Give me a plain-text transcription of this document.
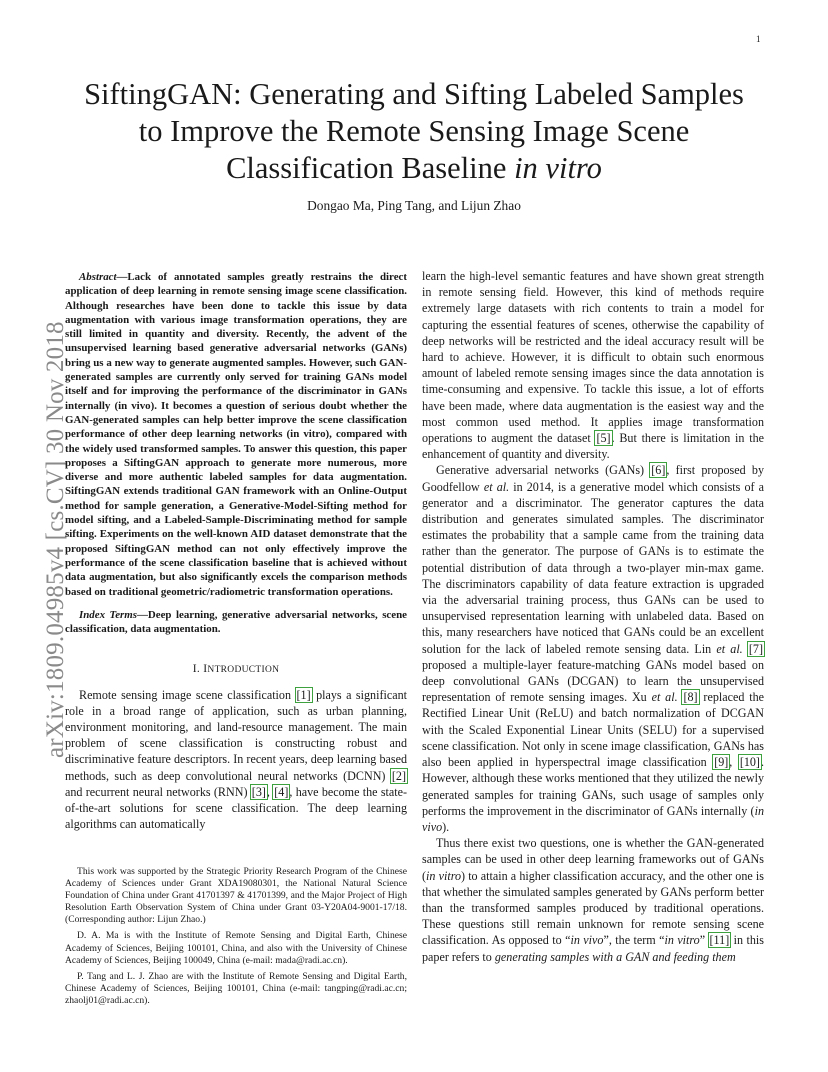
1
arXiv:1809.04985v4 [cs.CV] 30 Nov 2018
SiftingGAN: Generating and Sifting Labeled Samples to Improve the Remote Sensing Image Scene Classification Baseline in vitro
Dongao Ma, Ping Tang, and Lijun Zhao

Abstract—Lack of annotated samples greatly restrains the direct application of deep learning in remote sensing image scene classification. Although researches have been done to tackle this issue by data augmentation with various image transformation operations, they are still limited in quantity and diversity. Recently, the advent of the unsupervised learning based generative adversarial networks (GANs) bring us a new way to generate augmented samples. However, such GAN-generated samples are currently only served for training GANs model itself and for improving the performance of the discriminator in GANs internally (in vivo). It becomes a question of serious doubt whether the GAN-generated samples can help better improve the scene classification performance of other deep learning networks (in vitro), compared with the widely used transformed samples. To answer this question, this paper proposes a SiftingGAN approach to generate more numerous, more diverse and more authentic labeled samples for data augmentation. SiftingGAN extends traditional GAN framework with an Online-Output method for sample generation, a Generative-Model-Sifting method for model sifting, and a Labeled-Sample-Discriminating method for sample sifting. Experiments on the well-known AID dataset demonstrate that the proposed SiftingGAN method can not only effectively improve the performance of the scene classification baseline that is achieved without data augmentation, but also significantly excels the comparison methods based on traditional geometric/radiometric transformation operations.

Index Terms—Deep learning, generative adversarial networks, scene classification, data augmentation.

I. INTRODUCTION

Remote sensing image scene classification [1] plays a significant role in a broad range of application, such as urban planning, environment monitoring, and land-resource management. The main problem of scene classification is constructing robust and discriminative feature descriptors. In recent years, deep learning based methods, such as deep convolutional neural networks (DCNN) [2] and recurrent neural networks (RNN) [3], [4], have become the state-of-the-art solutions for scene classification. The deep learning algorithms can automatically

This work was supported by the Strategic Priority Research Program of the Chinese Academy of Sciences under Grant XDA19080301, the National Natural Science Foundation of China under Grant 41701397 & 41701399, and the Major Project of High Resolution Earth Observation System of China under Grant 03-Y20A04-9001-17/18. (Corresponding author: Lijun Zhao.)

D. A. Ma is with the Institute of Remote Sensing and Digital Earth, Chinese Academy of Sciences, Beijing 100101, China, and also with the University of Chinese Academy of Sciences, Beijing 100049, China (e-mail: mada@radi.ac.cn).

P. Tang and L. J. Zhao are with the Institute of Remote Sensing and Digital Earth, Chinese Academy of Sciences, Beijing 100101, China (e-mail: tangping@radi.ac.cn; zhaolj01@radi.ac.cn).

learn the high-level semantic features and have shown great strength in remote sensing field. However, this kind of methods require extremely large datasets with rich contents to train a model for capturing the essential features of scenes, otherwise the capability of deep networks will be restricted and the ideal accuracy result will be hard to achieve. However, it is difficult to obtain such enormous amount of labeled remote sensing images since the data annotation is time-consuming and expensive. To tackle this issue, a lot of efforts have been made, where data augmentation is the easiest way and the most common used method. It applies image transformation operations to augment the dataset [5]. But there is limitation in the enhancement of quantity and diversity.

Generative adversarial networks (GANs) [6], first proposed by Goodfellow et al. in 2014, is a generative model which consists of a generator and a discriminator. The generator captures the data distribution and generates simulated samples. The discriminator estimates the probability that a sample came from the training data rather than the generator. The purpose of GANs is to estimate the potential distribution of data through a two-player min-max game. The discriminators capability of data feature extraction is upgraded via the adversarial training process, thus GANs can be used to unsupervised representation learning with unlabeled data. Based on this, many researchers have noticed that GANs could be an excellent solution for the lack of labeled remote sensing data. Lin et al. [7] proposed a multiple-layer feature-matching GANs model based on deep convolutional GANs (DCGAN) to learn the unsupervised representation of remote sensing images. Xu et al. [8] replaced the Rectified Linear Unit (ReLU) and batch normalization of DCGAN with the Scaled Exponential Linear Units (SELU) for a supervised scene classification. Not only in scene image classification, GANs has also been applied in hyperspectral image classification [9], [10]. However, although these works mentioned that they utilized the newly generated samples for training GANs, such usage of samples only performs the improvement in the discriminator of GANs internally (in vivo).

Thus there exist two questions, one is whether the GAN-generated samples can be used in other deep learning frameworks out of GANs (in vitro) to attain a higher classification accuracy, and the other one is that whether the simulated samples generated by GANs perform better than the transformed samples produced by traditional operations. These questions still remain unknown for remote sensing scene classification. As opposed to “in vivo”, the term “in vitro” [11] in this paper refers to generating samples with a GAN and feeding them
